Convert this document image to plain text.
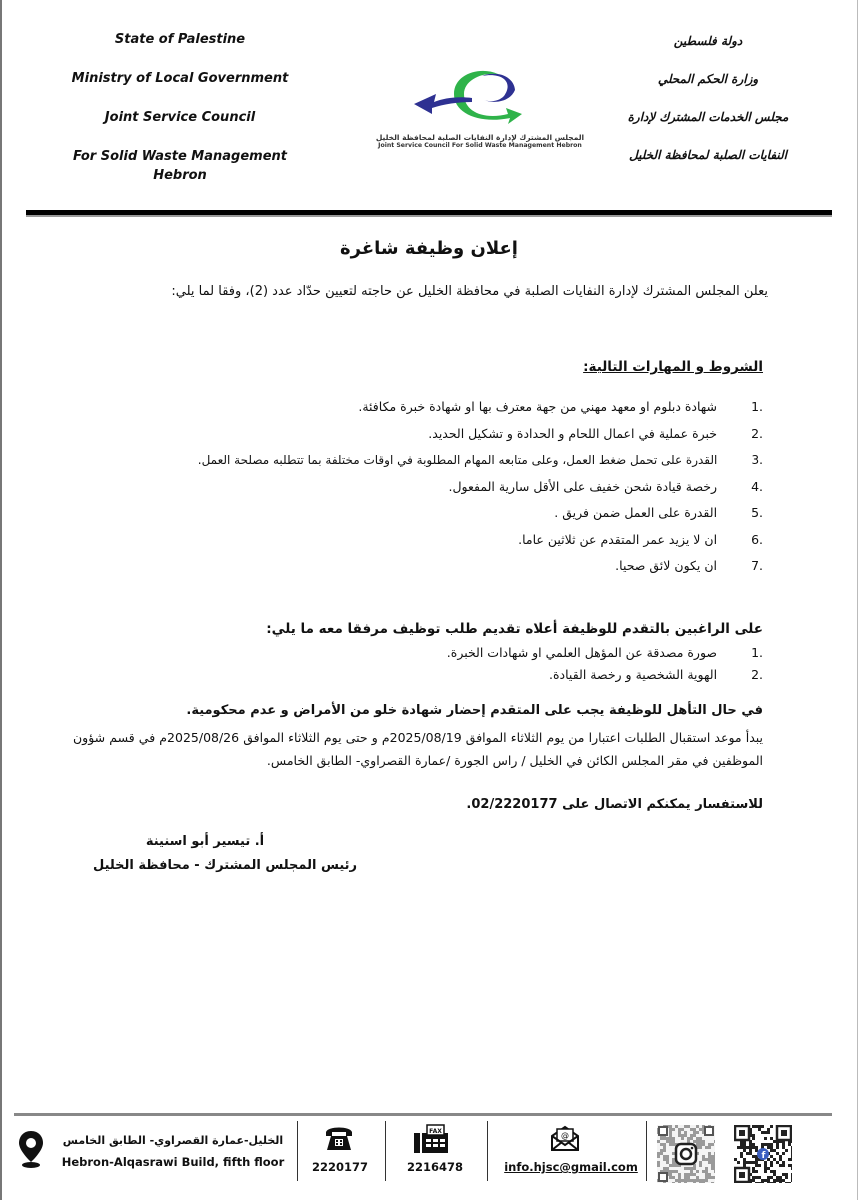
State of Palestine
Ministry of Local Government
Joint Service Council
For Solid Waste Management
Hebron
المجلس المشترك لإدارة النفايات الصلبة لمحافظة الخليل
Joint Service Council For Solid Waste Management Hebron
دولة فلسطين
وزارة الحكم المحلي
مجلس الخدمات المشترك لإدارة
النفايات الصلبة لمحافظة الخليل
إعلان وظيفة شاغرة
يعلن المجلس المشترك لإدارة النفايات الصلبة في محافظة الخليل عن حاجته لتعيين حدّاد عدد (2)، وفقا لما يلي:
الشروط و المهارات التالية:
1.  شهادة دبلوم او معهد مهني من جهة معترف بها او شهادة خبرة مكافئة.
2.  خبرة عملية في اعمال اللحام و الحدادة و تشكيل الحديد.
3.  القدرة على تحمل ضغط العمل، وعلى متابعه المهام المطلوبة في اوقات مختلفة بما تتطلبه مصلحة العمل.
4.  رخصة قيادة شحن خفيف على الأقل سارية المفعول.
5.  القدرة على العمل ضمن فريق .
6.  ان لا يزيد عمر المتقدم عن ثلاثين عاما.
7.  ان يكون لائق صحيا.
على الراغبين بالتقدم للوظيفة أعلاه تقديم طلب توظيف مرفقا معه ما يلي:
1.  صورة مصدقة عن المؤهل العلمي او شهادات الخبرة.
2.  الهوية الشخصية و رخصة القيادة.
في حال التأهل للوظيفة يجب على المتقدم إحضار شهادة خلو من الأمراض و عدم محكومية.
يبدأ موعد استقبال الطلبات اعتبارا من يوم الثلاثاء الموافق 2025/08/19م و حتى يوم الثلاثاء الموافق 2025/08/26م في قسم شؤون الموظفين في مقر المجلس الكائن في الخليل / راس الجورة /عمارة القصراوي- الطابق الخامس.
للاستفسار يمكنكم الاتصال على 02/2220177.
أ. تيسير أبو اسنينة
رئيس المجلس المشترك - محافظة الخليل
الخليل-عمارة القصراوي- الطابق الخامس
Hebron-Alqasrawi Build, fifth floor	2220177
FAX
2216478
@
info.hjsc@gmail.com
f
